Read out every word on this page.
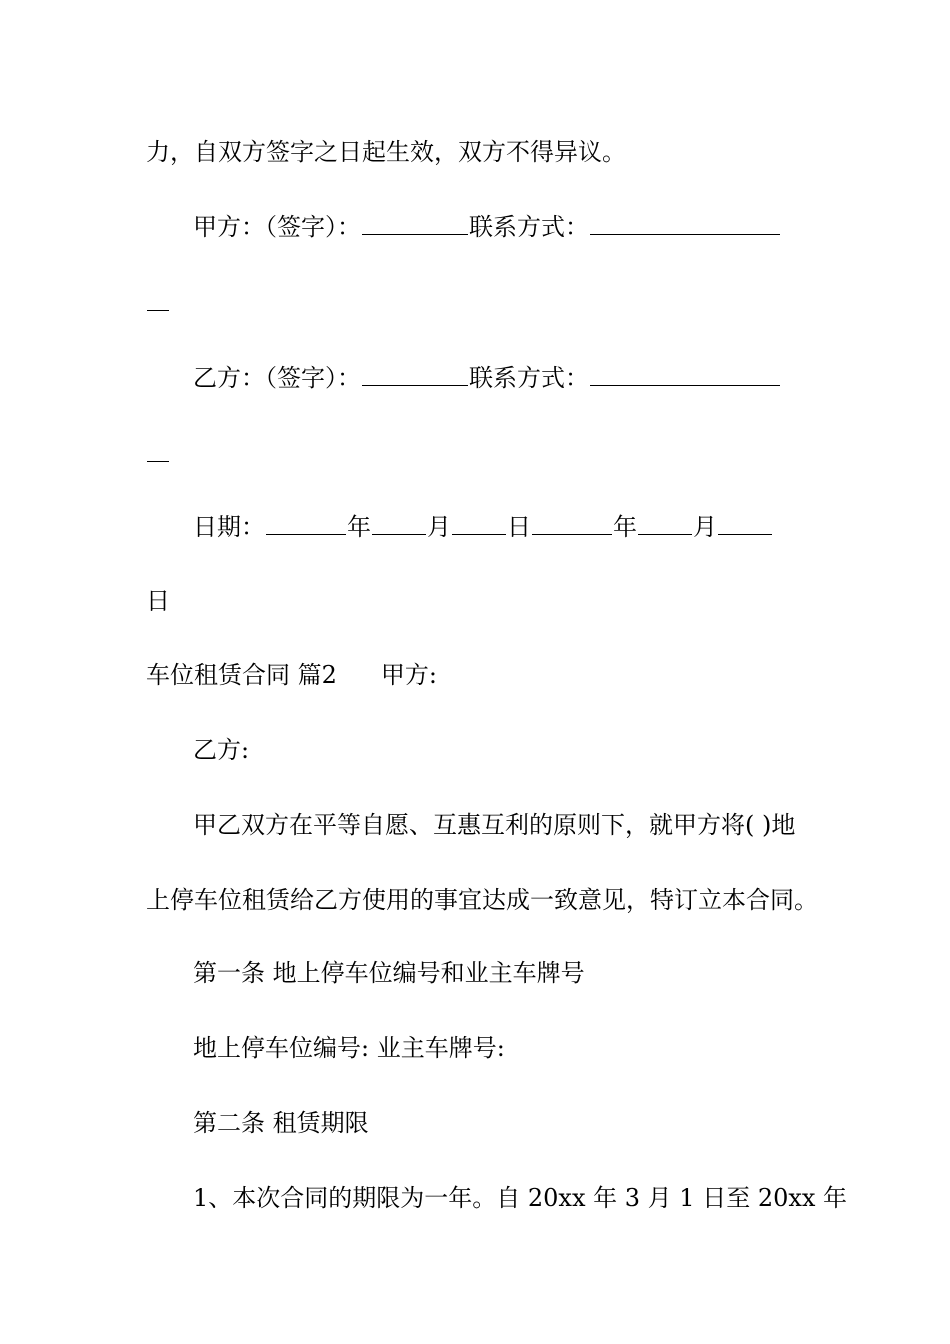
力，自双方签字之日起生效，双方不得异议。
甲方：（签字）：	联系方式：
乙方：（签字）：	联系方式：
日期：	年 月 日	年 月
日
车位租赁合同 篇2 甲方:
乙方:
甲乙双方在平等自愿、互惠互利的原则下，就甲方将( )地
上停车位租赁给乙方使用的事宜达成一致意见，特订立本合同。
第一条 地上停车位编号和业主车牌号
地上停车位编号: 业主车牌号:
第二条 租赁期限
1、本次合同的期限为一年。自 20xx 年 3 月 1 日至 20xx 年
